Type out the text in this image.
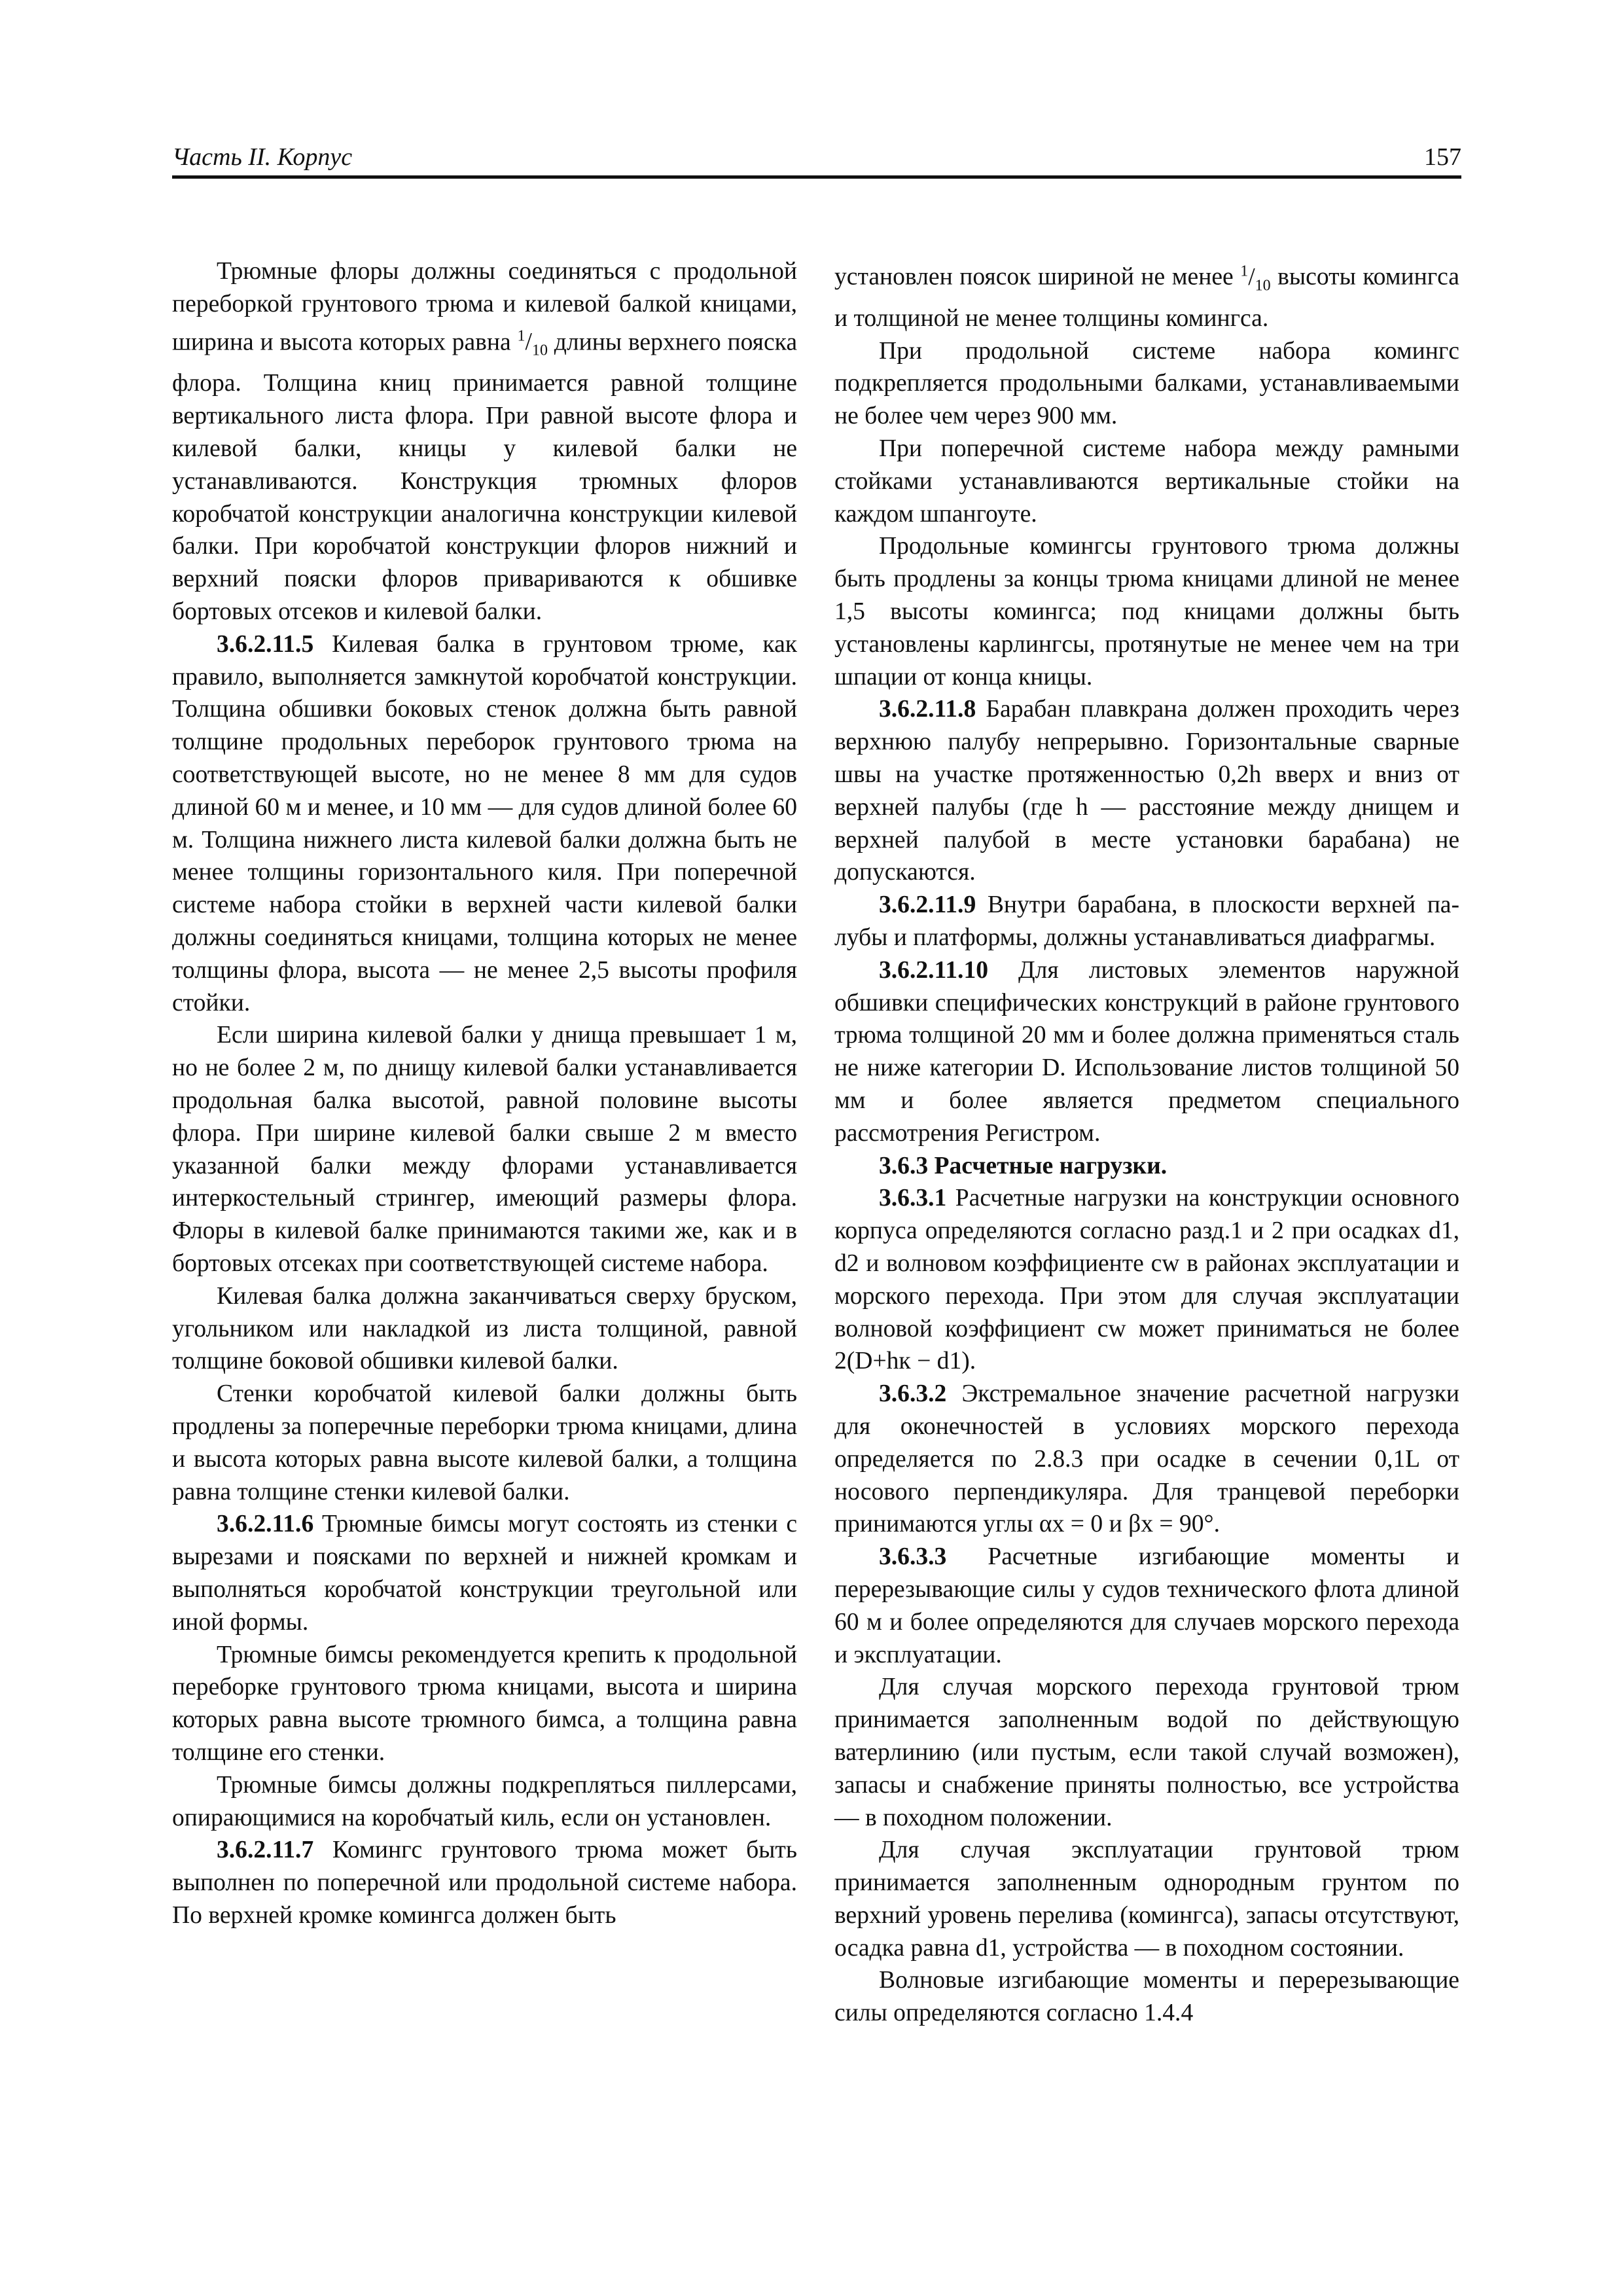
Часть II. Корпус	157

Трюмные флоры должны соединяться с продольной переборкой грунтового трюма и килевой балкой кницами, ширина и высота которых равна $^1/_{10}$ длины верхнего пояска флора. Толщина книц принимается равной толщине вертикального листа флора. При равной высоте флора и килевой балки, кницы у килевой балки не устанавливаются. Конструкция трюмных флоров коробчатой конструкции аналогична конструкции килевой балки. При коробчатой конструкции флоров нижний и верхний пояски флоров привариваются к обшивке бортовых отсеков и килевой балки.

3.6.2.11.5 Килевая балка в грунтовом трюме, как правило, выполняется замкнутой коробчатой конструкции. Толщина обшивки боковых стенок должна быть равной толщине продольных переборок грунтового трюма на соответствующей высоте, но не менее 8 мм для судов длиной 60 м и менее, и 10 мм — для судов длиной более 60 м. Толщина нижнего листа килевой балки должна быть не менее толщины горизонтального киля. При поперечной системе набора стойки в верхней части килевой балки должны соединяться кницами, толщина которых не менее толщины флора, высота — не менее 2,5 высоты профиля стойки.

Если ширина килевой балки у днища превышает 1 м, но не более 2 м, по днищу килевой балки устанавливается продольная балка высотой, равной половине высоты флора. При ширине килевой балки свыше 2 м вместо указанной балки между флорами устанавливается интеркостельный стрингер, имеющий размеры флора. Флоры в килевой балке принимаются такими же, как и в бортовых отсеках при соответствующей системе набора.

Килевая балка должна заканчиваться сверху бруском, угольником или накладкой из листа толщиной, равной толщине боковой обшивки килевой балки.

Стенки коробчатой килевой балки должны быть продлены за поперечные переборки трюма кницами, длина и высота которых равна высоте килевой балки, а толщина равна толщине стенки килевой балки.

3.6.2.11.6 Трюмные бимсы могут состоять из стенки с вырезами и поясками по верхней и нижней кромкам и выполняться коробчатой конструкции треугольной или иной формы.

Трюмные бимсы рекомендуется крепить к продольной переборке грунтового трюма кницами, высота и ширина которых равна высоте трюмного бимса, а толщина равна толщине его стенки.

Трюмные бимсы должны подкрепляться пиллерсами, опирающимися на коробчатый киль, если он установлен.

3.6.2.11.7 Комингс грунтового трюма может быть выполнен по поперечной или продольной системе набора. По верхней кромке комингса должен быть

установлен поясок шириной не менее $^1/_{10}$ высоты комингса и толщиной не менее толщины комингса.

При продольной системе набора комингс подкрепляется продольными балками, устанавливаемыми не более чем через 900 мм.

При поперечной системе набора между рамными стойками устанавливаются вертикальные стойки на каждом шпангоуте.

Продольные комингсы грунтового трюма должны быть продлены за концы трюма кницами длиной не менее 1,5 высоты комингса; под кницами должны быть установлены карлингсы, протянутые не менее чем на три шпации от конца кницы.

3.6.2.11.8 Барабан плавкрана должен проходить через верхнюю палубу непрерывно. Горизонтальные сварные швы на участке протяженностью 0,2h вверх и вниз от верхней палубы (где h — расстояние между днищем и верхней палубой в месте установки барабана) не допускаются.

3.6.2.11.9 Внутри барабана, в плоскости верхней палубы и платформы, должны устанавливаться диафрагмы.

3.6.2.11.10 Для листовых элементов наружной обшивки специфических конструкций в районе грунтового трюма толщиной 20 мм и более должна применяться сталь не ниже категории D. Использование листов толщиной 50 мм и более является предметом специального рассмотрения Регистром.

3.6.3 Расчетные нагрузки.

3.6.3.1 Расчетные нагрузки на конструкции основного корпуса определяются согласно разд.1 и 2 при осадках d1, d2 и волновом коэффициенте cw в районах эксплуатации и морского перехода. При этом для случая эксплуатации волновой коэффициент cw может приниматься не более 2(D+hк − d1).

3.6.3.2 Экстремальное значение расчетной нагрузки для оконечностей в условиях морского перехода определяется по 2.8.3 при осадке в сечении 0,1L от носового перпендикуляра. Для транцевой переборки принимаются углы αx = 0 и βx = 90°.

3.6.3.3 Расчетные изгибающие моменты и перерезывающие силы у судов технического флота длиной 60 м и более определяются для случаев морского перехода и эксплуатации.

Для случая морского перехода грунтовой трюм принимается заполненным водой по действующую ватерлинию (или пустым, если такой случай возможен), запасы и снабжение приняты полностью, все устройства — в походном положении.

Для случая эксплуатации грунтовой трюм принимается заполненным однородным грунтом по верхний уровень перелива (комингса), запасы отсутствуют, осадка равна d1, устройства — в походном состоянии.

Волновые изгибающие моменты и перерезывающие силы определяются согласно 1.4.4
